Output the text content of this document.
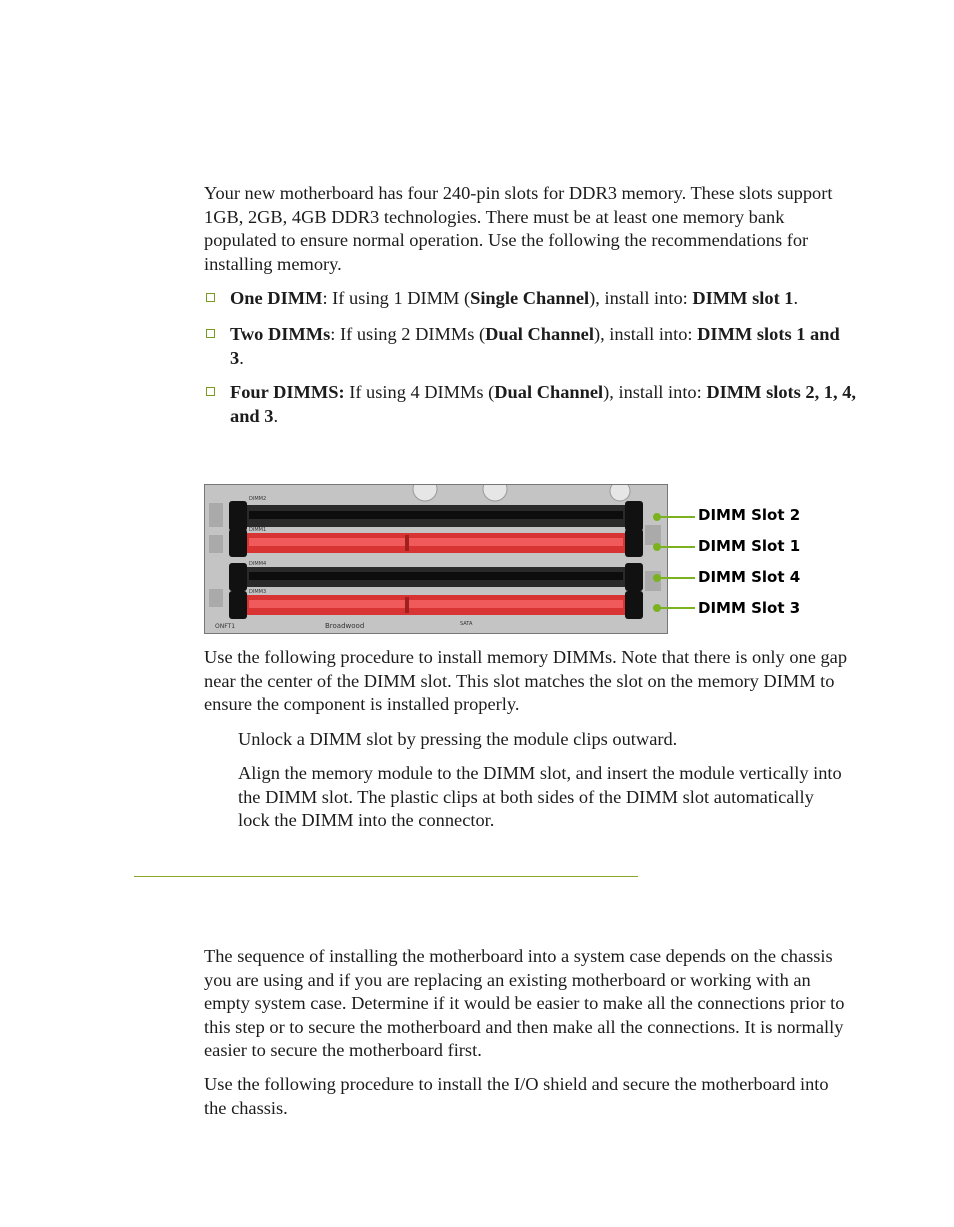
Your new motherboard has four 240-pin slots for DDR3 memory. These slots support 1GB, 2GB, 4GB DDR3 technologies. There must be at least one memory bank populated to ensure normal operation. Use the following the recommendations for installing memory.

One DIMM: If using 1 DIMM (Single Channel), install into: DIMM slot 1.
Two DIMMs: If using 2 DIMMs (Dual Channel), install into: DIMM slots 1 and 3.
Four DIMMS: If using 4 DIMMs (Dual Channel), install into: DIMM slots 2, 1, 4, and 3.
DIMM2
DIMM1
DIMM4
DIMM3
Broadwood
ONFT1	SATA
DIMM Slot 2
DIMM Slot 1
DIMM Slot 4
DIMM Slot 3

Use the following procedure to install memory DIMMs. Note that there is only one gap near the center of the DIMM slot. This slot matches the slot on the memory DIMM to ensure the component is installed properly.

Unlock a DIMM slot by pressing the module clips outward.
Align the memory module to the DIMM slot, and insert the module vertically into the DIMM slot. The plastic clips at both sides of the DIMM slot automatically lock the DIMM into the connector.

The sequence of installing the motherboard into a system case depends on the chassis you are using and if you are replacing an existing motherboard or working with an empty system case. Determine if it would be easier to make all the connections prior to this step or to secure the motherboard and then make all the connections. It is normally easier to secure the motherboard first.

Use the following procedure to install the I/O shield and secure the motherboard into the chassis.
